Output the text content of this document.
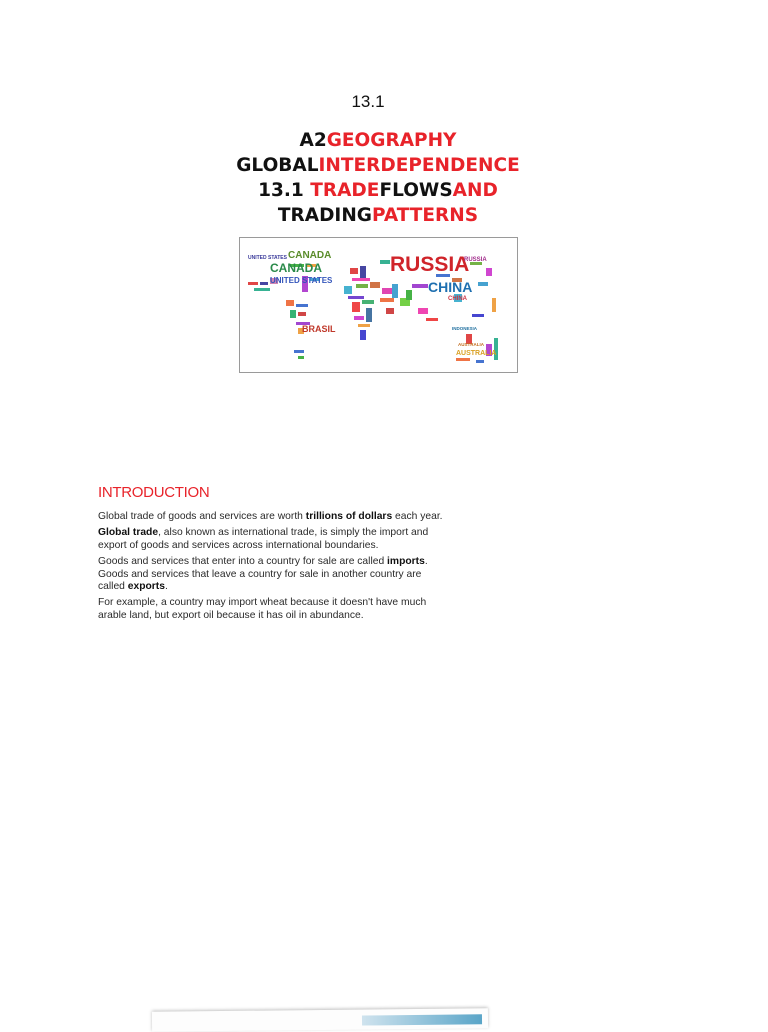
13.1
A2GEOGRAPHY
GLOBALINTERDEPENDENCE
13.1 TRADEFLOWSAND
TRADINGPATTERNS
UNITED STATES CANADA
CANADA
UNITED STATES
RUSSIA
RUSSIA
CHINA
CHINA
BRASIL	INDONESIA
AUSTRALIA
AUSTRALIA
INTRODUCTION

Global trade of goods and services are worth trillions of dollars each year.

Global trade, also known as international trade, is simply the import and export of goods and services across international boundaries.

Goods and services that enter into a country for sale are called imports. Goods and services that leave a country for sale in another country are called exports.

For example, a country may import wheat because it doesn't have much arable land, but export oil because it has oil in abundance.
